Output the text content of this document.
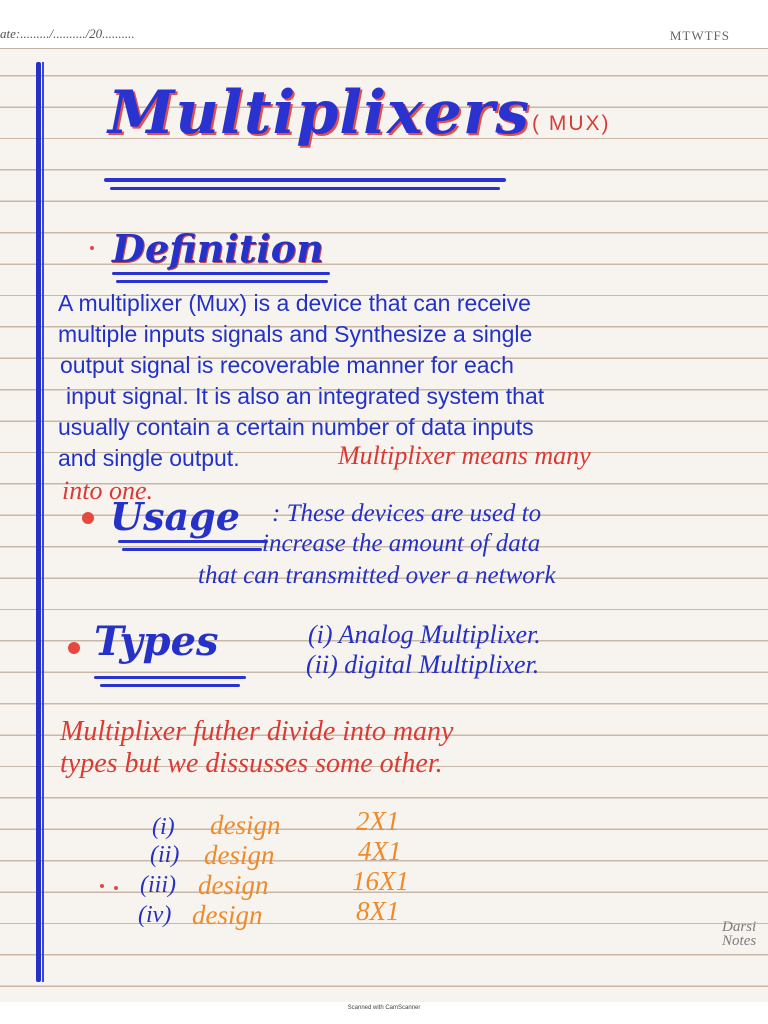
ate:........./........../20..........	MTWTFS
Multiplixers ( MUX)
Definition
A multiplixer (Mux) is a device that can receive
multiple inputs signals and Synthesize a single
output signal is recoverable manner for each
input signal. It is also an integrated system that
usually contain a certain number of data inputs
and single output.	Multiplixer means many
into one.
Usage : These devices are used to
increase the amount of data
that can transmitted over a network
Types	(i) Analog Multiplixer.
(ii) digital Multiplixer.
Multiplixer futher divide into many
types but we dissusses some other.
(i) design	2X1
(ii) design	4X1
(iii) design	16X1
(iv) design	8X1
Darsi
Notes
Scanned with CamScanner
